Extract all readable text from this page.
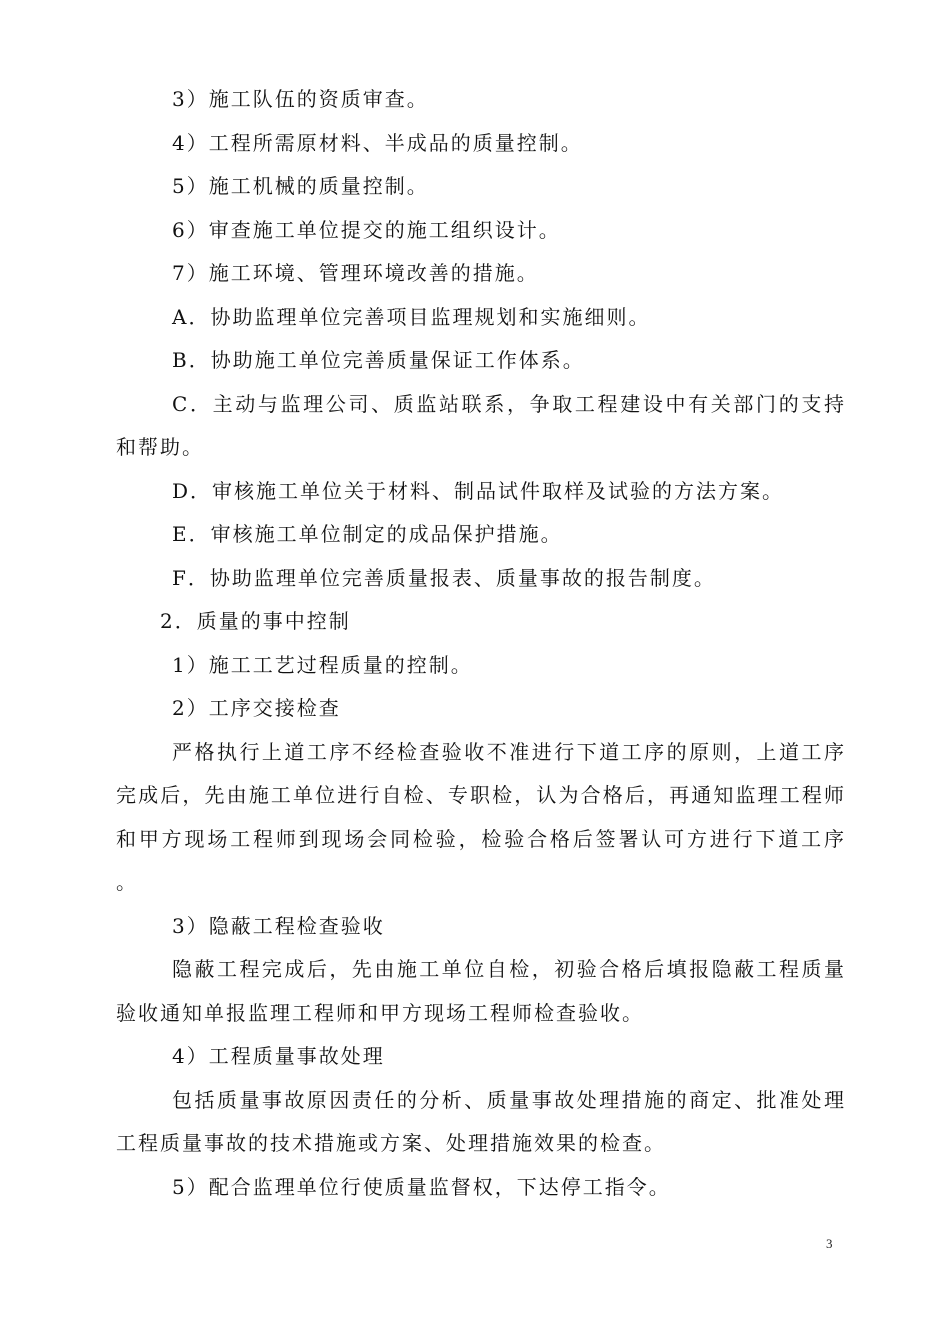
3）施工队伍的资质审查。

4）工程所需原材料、半成品的质量控制。

5）施工机械的质量控制。

6）审查施工单位提交的施工组织设计。

7）施工环境、管理环境改善的措施。

A．协助监理单位完善项目监理规划和实施细则。

B．协助施工单位完善质量保证工作体系。

C．主动与监理公司、质监站联系，争取工程建设中有关部门的支持和帮助。

D．审核施工单位关于材料、制品试件取样及试验的方法方案。

E．审核施工单位制定的成品保护措施。

F．协助监理单位完善质量报表、质量事故的报告制度。

2．质量的事中控制

1）施工工艺过程质量的控制。

2）工序交接检查

严格执行上道工序不经检查验收不准进行下道工序的原则，上道工序完成后，先由施工单位进行自检、专职检，认为合格后，再通知监理工程师和甲方现场工程师到现场会同检验，检验合格后签署认可方进行下道工序 。

3）隐蔽工程检查验收

隐蔽工程完成后，先由施工单位自检，初验合格后填报隐蔽工程质量验收通知单报监理工程师和甲方现场工程师检查验收。

4）工程质量事故处理

包括质量事故原因责任的分析、质量事故处理措施的商定、批准处理工程质量事故的技术措施或方案、处理措施效果的检查。

5）配合监理单位行使质量监督权，下达停工指令。

3
